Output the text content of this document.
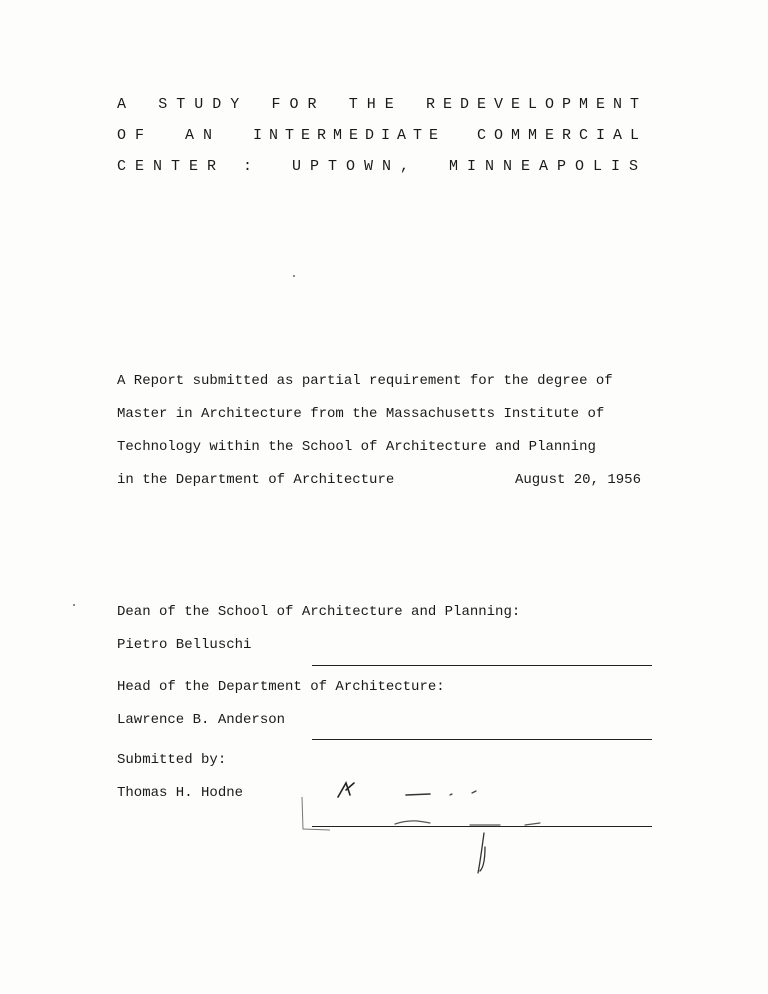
A STUDY FOR THE REDEVELOPMENT
OF AN INTERMEDIATE COMMERCIAL
CENTER : UPTOWN, MINNEAPOLIS
A Report submitted as partial requirement for the degree of
Master in Architecture from the Massachusetts Institute of
Technology within the School of Architecture and Planning
in the Department of Architecture	August 20, 1956
Dean of the School of Architecture and Planning:
Pietro Belluschi
Head of the Department of Architecture:
Lawrence B. Anderson
Submitted by:
Thomas H. Hodne
